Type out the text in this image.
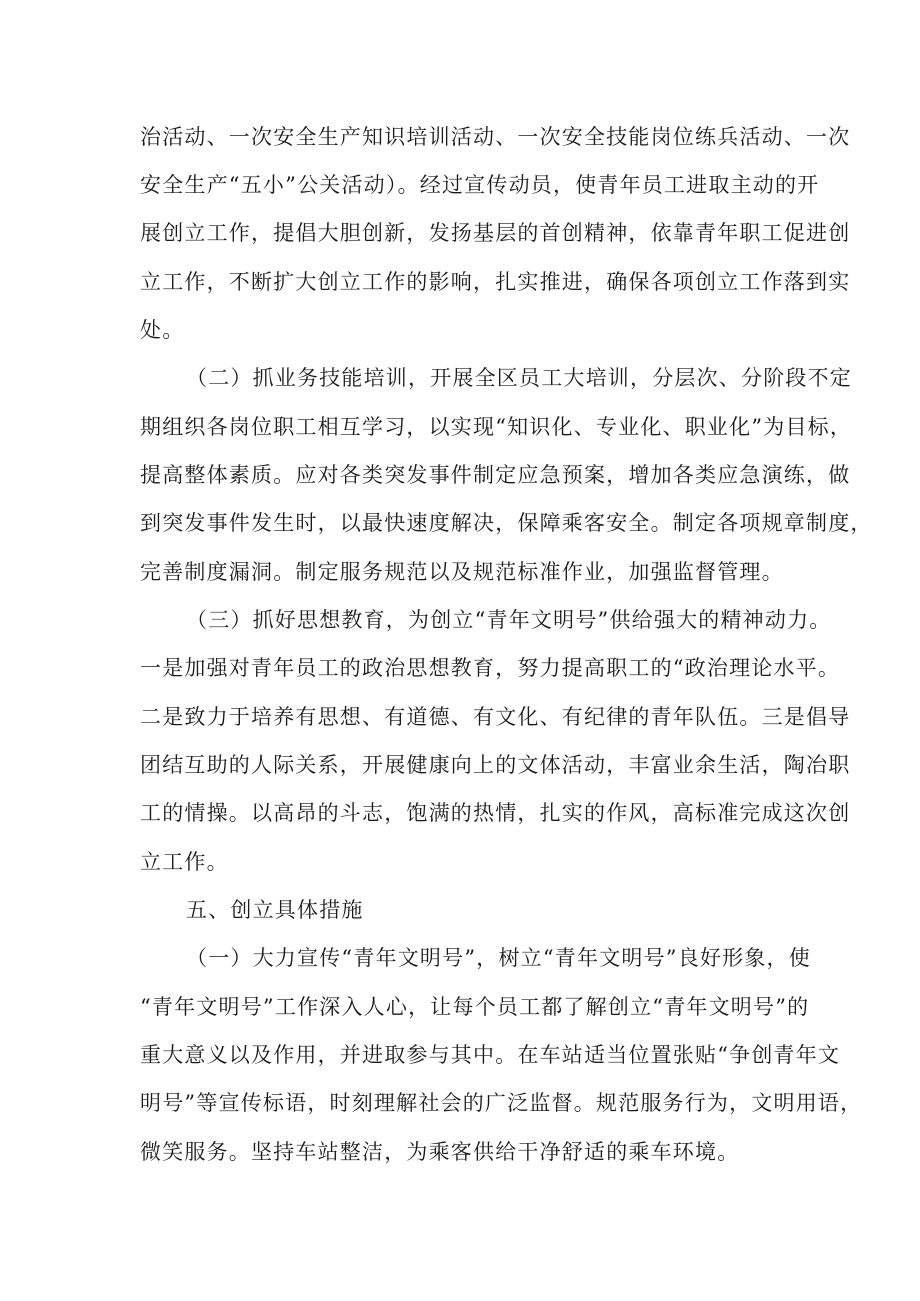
治活动、一次安全生产知识培训活动、一次安全技能岗位练兵活动、一次
安全生产“五小”公关活动）。经过宣传动员，使青年员工进取主动的开
展创立工作，提倡大胆创新，发扬基层的首创精神，依靠青年职工促进创
立工作，不断扩大创立工作的影响，扎实推进，确保各项创立工作落到实
处。
（二）抓业务技能培训，开展全区员工大培训，分层次、分阶段不定
期组织各岗位职工相互学习，以实现“知识化、专业化、职业化”为目标，
提高整体素质。应对各类突发事件制定应急预案，增加各类应急演练，做
到突发事件发生时，以最快速度解决，保障乘客安全。制定各项规章制度，
完善制度漏洞。制定服务规范以及规范标准作业，加强监督管理。
（三）抓好思想教育，为创立“青年文明号”供给强大的精神动力。
一是加强对青年员工的政治思想教育，努力提高职工的“政治理论水平。
二是致力于培养有思想、有道德、有文化、有纪律的青年队伍。三是倡导
团结互助的人际关系，开展健康向上的文体活动，丰富业余生活，陶冶职
工的情操。以高昂的斗志，饱满的热情，扎实的作风，高标准完成这次创
立工作。
五、创立具体措施
（一）大力宣传“青年文明号”，树立“青年文明号”良好形象，使
“青年文明号”工作深入人心，让每个员工都了解创立“青年文明号”的
重大意义以及作用，并进取参与其中。在车站适当位置张贴“争创青年文
明号”等宣传标语，时刻理解社会的广泛监督。规范服务行为，文明用语，
微笑服务。坚持车站整洁，为乘客供给干净舒适的乘车环境。
